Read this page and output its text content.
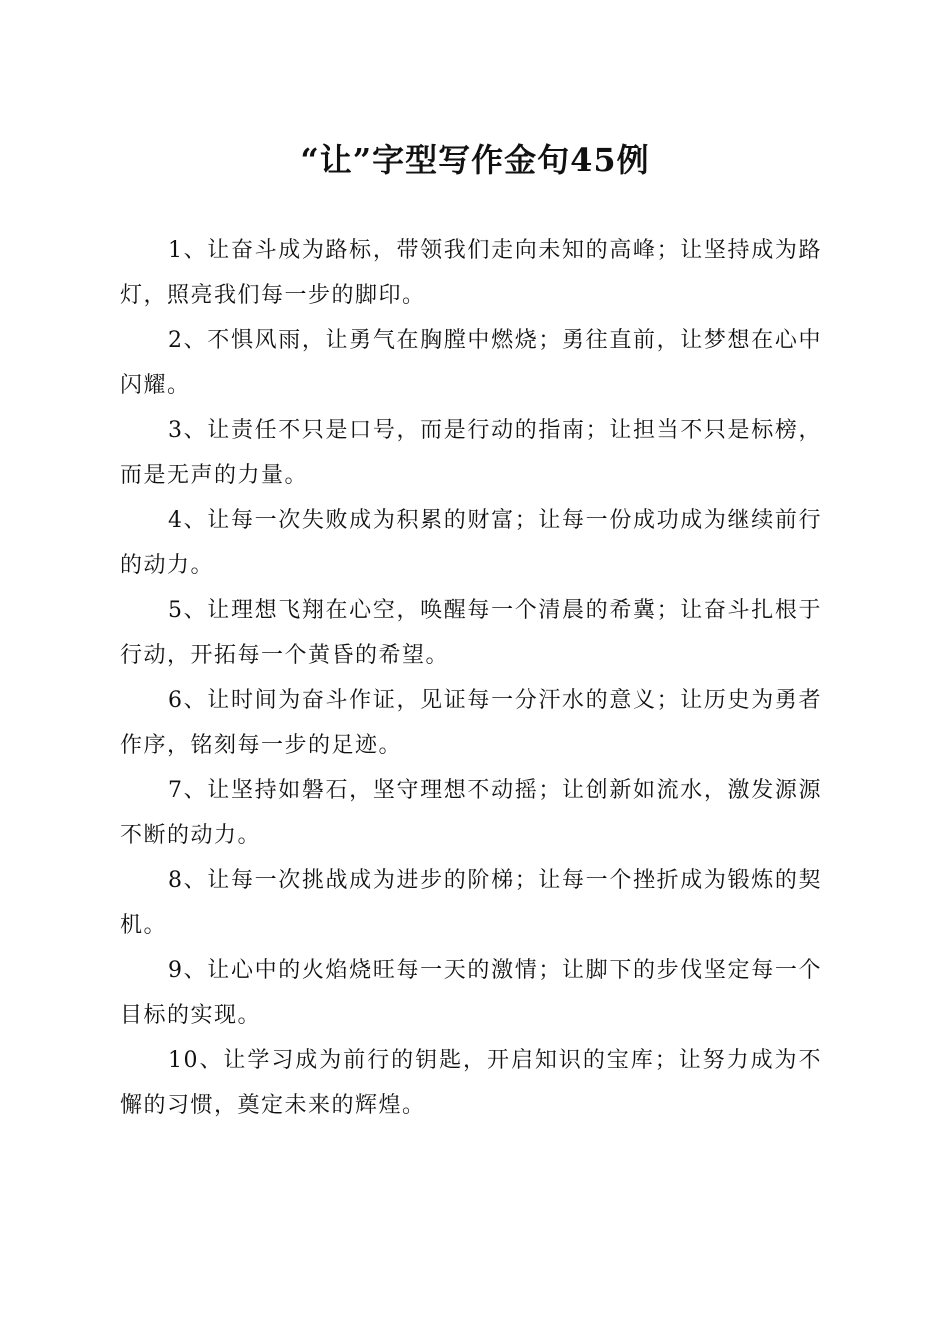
“让”字型写作金句45例

1、让奋斗成为路标，带领我们走向未知的高峰；让坚持成为路灯，照亮我们每一步的脚印。

2、不惧风雨，让勇气在胸膛中燃烧；勇往直前，让梦想在心中闪耀。

3、让责任不只是口号，而是行动的指南；让担当不只是标榜，而是无声的力量。

4、让每一次失败成为积累的财富；让每一份成功成为继续前行的动力。

5、让理想飞翔在心空，唤醒每一个清晨的希冀；让奋斗扎根于行动，开拓每一个黄昏的希望。

6、让时间为奋斗作证，见证每一分汗水的意义；让历史为勇者作序，铭刻每一步的足迹。

7、让坚持如磐石，坚守理想不动摇；让创新如流水，激发源源不断的动力。

8、让每一次挑战成为进步的阶梯；让每一个挫折成为锻炼的契机。

9、让心中的火焰烧旺每一天的激情；让脚下的步伐坚定每一个目标的实现。

10、让学习成为前行的钥匙，开启知识的宝库；让努力成为不懈的习惯，奠定未来的辉煌。
